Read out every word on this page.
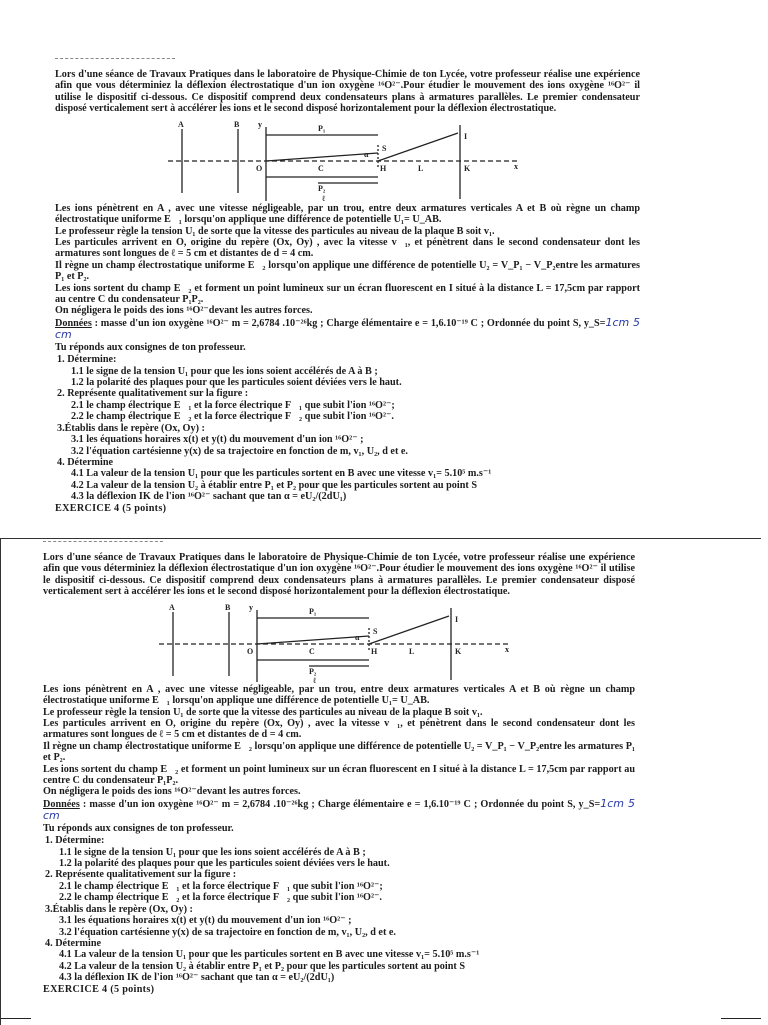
Lors d'une séance de Travaux Pratiques dans le laboratoire de Physique-Chimie de ton Lycée, votre professeur réalise une expérience afin que vous déterminiez la déflexion électrostatique d'un ion oxygène ¹⁶O²⁻.Pour étudier le mouvement des ions oxygène ¹⁶O²⁻ il utilise le dispositif ci-dessous. Ce dispositif comprend deux condensateurs plans à armatures parallèles. Le premier condensateur disposé verticalement sert à accélérer les ions et le second disposé horizontalement pour la déflexion électrostatique.

A	B y	P₁
S
I
α
O	C	H	L	K	x
P₂
ℓ
Les ions pénètrent en A , avec une vitesse négligeable, par un trou, entre deux armatures verticales A et B où règne un champ électrostatique uniforme E⃗₁ lorsqu'on applique une différence de potentielle U₁= U_AB.
Le professeur règle la tension U₁ de sorte que la vitesse des particules au niveau de la plaque B soit v₁.
Les particules arrivent en O, origine du repère (Ox, Oy) , avec la vitesse v⃗₁, et pénètrent dans le second condensateur dont les armatures sont longues de ℓ = 5 cm et distantes de d = 4 cm.
Il règne un champ électrostatique uniforme E⃗₂ lorsqu'on applique une différence de potentielle U₂ = V_P₁ − V_P₂entre les armatures P₁ et P₂.
Les ions sortent du champ E⃗₂ et forment un point lumineux sur un écran fluorescent en I situé à la distance L = 17,5cm par rapport au centre C du condensateur P₁P₂.
On négligera le poids des ions ¹⁶O²⁻devant les autres forces.
Données : masse d'un ion oxygène ¹⁶O²⁻ m = 2,6784 .10⁻²⁶kg ; Charge élémentaire e = 1,6.10⁻¹⁹ C ; Ordonnée du point S, y_S=1cm 5 cm
Tu réponds aux consignes de ton professeur.
1. Détermine:
1.1 le signe de la tension U₁ pour que les ions soient accélérés de A à B ;
1.2 la polarité des plaques pour que les particules soient déviées vers le haut.
2. Représente qualitativement sur la figure :
2.1 le champ électrique E⃗₁ et la force électrique F⃗₁ que subit l'ion ¹⁶O²⁻;
2.2 le champ électrique E⃗₂ et la force électrique F⃗₂ que subit l'ion ¹⁶O²⁻.
3.Établis dans le repère (Ox, Oy) :
3.1 les équations horaires x(t) et y(t) du mouvement d'un ion ¹⁶O²⁻ ;
3.2 l'équation cartésienne y(x) de sa trajectoire en fonction de m, v₁, U₂, d et e.
4. Détermine
4.1 La valeur de la tension U₁ pour que les particules sortent en B avec une vitesse v₁= 5.10⁵ m.s⁻¹
4.2 La valeur de la tension U₂ à établir entre P₁ et P₂ pour que les particules sortent au point S
4.3 la déflexion IK de l'ion ¹⁶O²⁻ sachant que tan α = eU₂/(2dU₁)
EXERCICE 4 (5 points)

Lors d'une séance de Travaux Pratiques dans le laboratoire de Physique-Chimie de ton Lycée, votre professeur réalise une expérience afin que vous déterminiez la déflexion électrostatique d'un ion oxygène ¹⁶O²⁻.Pour étudier le mouvement des ions oxygène ¹⁶O²⁻ il utilise le dispositif ci-dessous. Ce dispositif comprend deux condensateurs plans à armatures parallèles. Le premier condensateur disposé verticalement sert à accélérer les ions et le second disposé horizontalement pour la déflexion électrostatique.

A	B y	P₁
S
I
α
O	C	H	L	K	x
P₂
ℓ
Les ions pénètrent en A , avec une vitesse négligeable, par un trou, entre deux armatures verticales A et B où règne un champ électrostatique uniforme E⃗₁ lorsqu'on applique une différence de potentielle U₁= U_AB.
Le professeur règle la tension U₁ de sorte que la vitesse des particules au niveau de la plaque B soit v₁.
Les particules arrivent en O, origine du repère (Ox, Oy) , avec la vitesse v⃗₁, et pénètrent dans le second condensateur dont les armatures sont longues de ℓ = 5 cm et distantes de d = 4 cm.
Il règne un champ électrostatique uniforme E⃗₂ lorsqu'on applique une différence de potentielle U₂ = V_P₁ − V_P₂entre les armatures P₁ et P₂.
Les ions sortent du champ E⃗₂ et forment un point lumineux sur un écran fluorescent en I situé à la distance L = 17,5cm par rapport au centre C du condensateur P₁P₂.
On négligera le poids des ions ¹⁶O²⁻devant les autres forces.
Données : masse d'un ion oxygène ¹⁶O²⁻ m = 2,6784 .10⁻²⁶kg ; Charge élémentaire e = 1,6.10⁻¹⁹ C ; Ordonnée du point S, y_S=1cm 5 cm
Tu réponds aux consignes de ton professeur.
1. Détermine:
1.1 le signe de la tension U₁ pour que les ions soient accélérés de A à B ;
1.2 la polarité des plaques pour que les particules soient déviées vers le haut.
2. Représente qualitativement sur la figure :
2.1 le champ électrique E⃗₁ et la force électrique F⃗₁ que subit l'ion ¹⁶O²⁻;
2.2 le champ électrique E⃗₂ et la force électrique F⃗₂ que subit l'ion ¹⁶O²⁻.
3.Établis dans le repère (Ox, Oy) :
3.1 les équations horaires x(t) et y(t) du mouvement d'un ion ¹⁶O²⁻ ;
3.2 l'équation cartésienne y(x) de sa trajectoire en fonction de m, v₁, U₂, d et e.
4. Détermine
4.1 La valeur de la tension U₁ pour que les particules sortent en B avec une vitesse v₁= 5.10⁵ m.s⁻¹
4.2 La valeur de la tension U₂ à établir entre P₁ et P₂ pour que les particules sortent au point S
4.3 la déflexion IK de l'ion ¹⁶O²⁻ sachant que tan α = eU₂/(2dU₁)
EXERCICE 4 (5 points)
